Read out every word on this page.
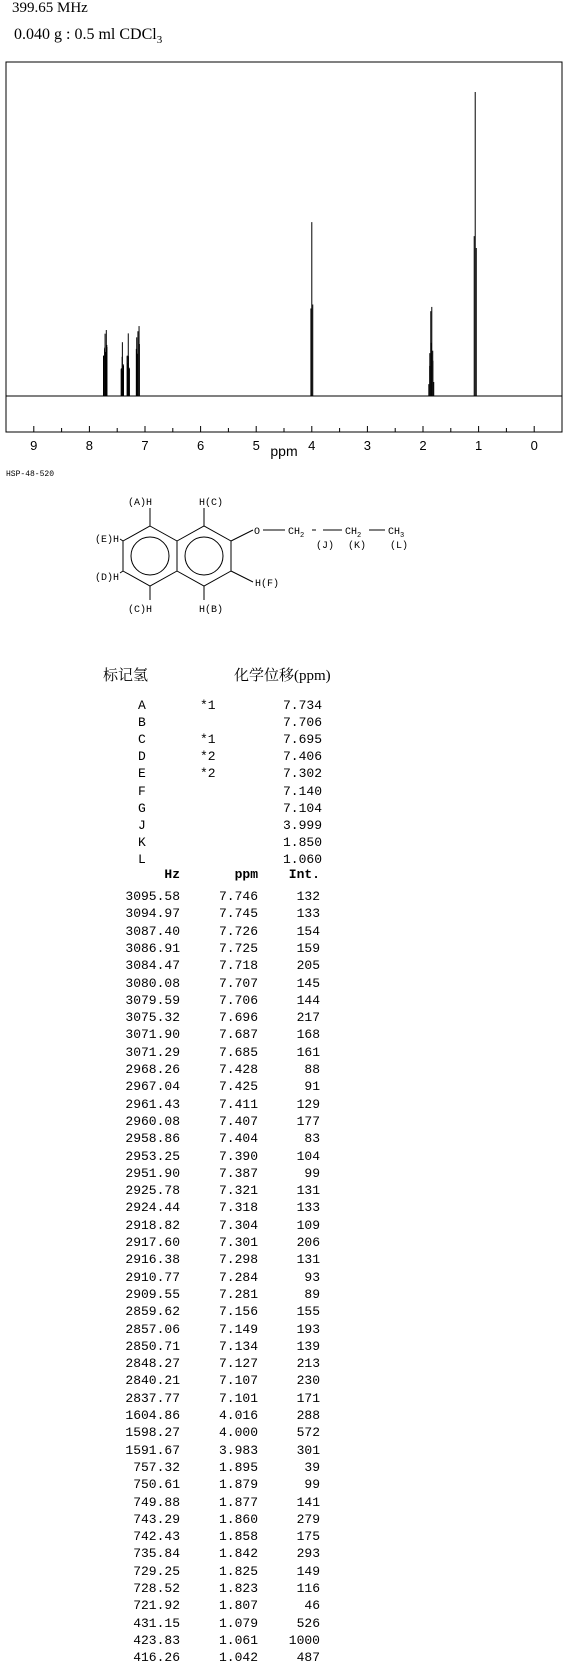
399.65 MHz
0.040 g : 0.5 ml CDCl$_3$
9	8	7	6	5	4	3	2	1	0
ppm
HSP-48-520
(A)H	H(C)
(E)H
(D)H
(C)H	H(B)
H(F)
O	$CH_2$	$CH_2$	$CH_3$
(J) (K) (L)
标记氢	化学位移(ppm)
A	*1	7.734
B	7.706
C	*1	7.695
D	*2	7.406
E	*2	7.302
F	7.140
G	7.104
J	3.999
K	1.850
L	1.060
Hz	ppm Int.
3095.58	7.746	132
3094.97	7.745	133
3087.40	7.726	154
3086.91	7.725	159
3084.47	7.718	205
3080.08	7.707	145
3079.59	7.706	144
3075.32	7.696	217
3071.90	7.687	168
3071.29	7.685	161
2968.26	7.428	88
2967.04	7.425	91
2961.43	7.411	129
2960.08	7.407	177
2958.86	7.404	83
2953.25	7.390	104
2951.90	7.387	99
2925.78	7.321	131
2924.44	7.318	133
2918.82	7.304	109
2917.60	7.301	206
2916.38	7.298	131
2910.77	7.284	93
2909.55	7.281	89
2859.62	7.156	155
2857.06	7.149	193
2850.71	7.134	139
2848.27	7.127	213
2840.21	7.107	230
2837.77	7.101	171
1604.86	4.016	288
1598.27	4.000	572
1591.67	3.983	301
757.32	1.895	39
750.61	1.879	99
749.88	1.877	141
743.29	1.860	279
742.43	1.858	175
735.84	1.842	293
729.25	1.825	149
728.52	1.823	116
721.92	1.807	46
431.15	1.079	526
423.83	1.061 1000
416.26	1.042	487
